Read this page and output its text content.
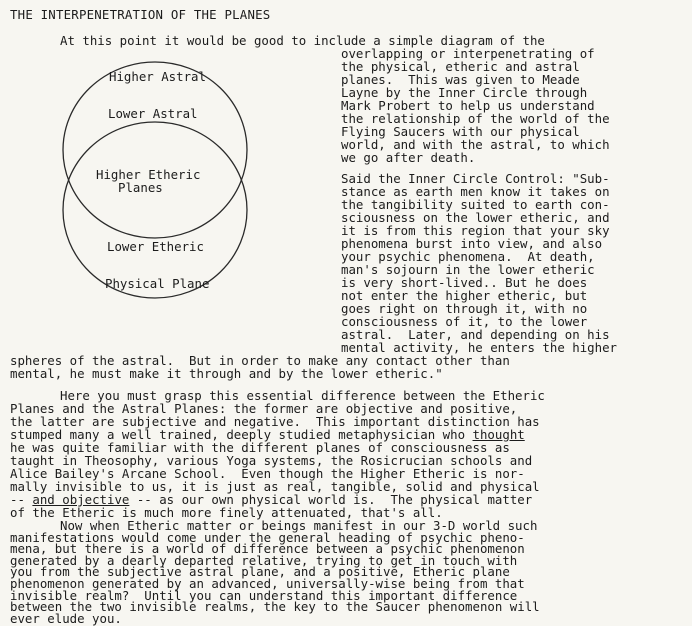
THE INTERPENETRATION OF THE PLANES
Higher Astral
Lower Astral
Higher Etheric
Planes
Lower Etheric
Physical Plane
At this point it would be good to include a simple diagram of the
overlapping or interpenetrating of
the physical, etheric and astral
planes.  This was given to Meade
Layne by the Inner Circle through
Mark Probert to help us understand
the relationship of the world of the
Flying Saucers with our physical
world, and with the astral, to which
we go after death.
Said the Inner Circle Control: "Sub-
stance as earth men know it takes on
the tangibility suited to earth con-
sciousness on the lower etheric, and
it is from this region that your sky
phenomena burst into view, and also
your psychic phenomena.  At death,
man's sojourn in the lower etheric
is very short-lived.. But he does
not enter the higher etheric, but
goes right on through it, with no
consciousness of it, to the lower
astral.  Later, and depending on his
mental activity, he enters the higher
spheres of the astral.  But in order to make any contact other than
mental, he must make it through and by the lower etheric."
Here you must grasp this essential difference between the Etheric
Planes and the Astral Planes: the former are objective and positive,
the latter are subjective and negative.  This important distinction has
stumped many a well trained, deeply studied metaphysician who thought
he was quite familiar with the different planes of consciousness as
taught in Theosophy, various Yoga systems, the Rosicrucian schools and
Alice Bailey's Arcane School.  Even though the Higher Etheric is nor-
mally invisible to us, it is just as real, tangible, solid and physical
-- and objective -- as our own physical world is.  The physical matter
of the Etheric is much more finely attenuated, that's all.
Now when Etheric matter or beings manifest in our 3-D world such
manifestations would come under the general heading of psychic pheno-
mena, but there is a world of difference between a psychic phenomenon
generated by a dearly departed relative, trying to get in touch with
you from the subjective astral plane, and a positive, Etheric plane
phenomenon generated by an advanced, universally-wise being from that
invisible realm?  Until you can understand this important difference
between the two invisible realms, the key to the Saucer phenomenon will
ever elude you.
